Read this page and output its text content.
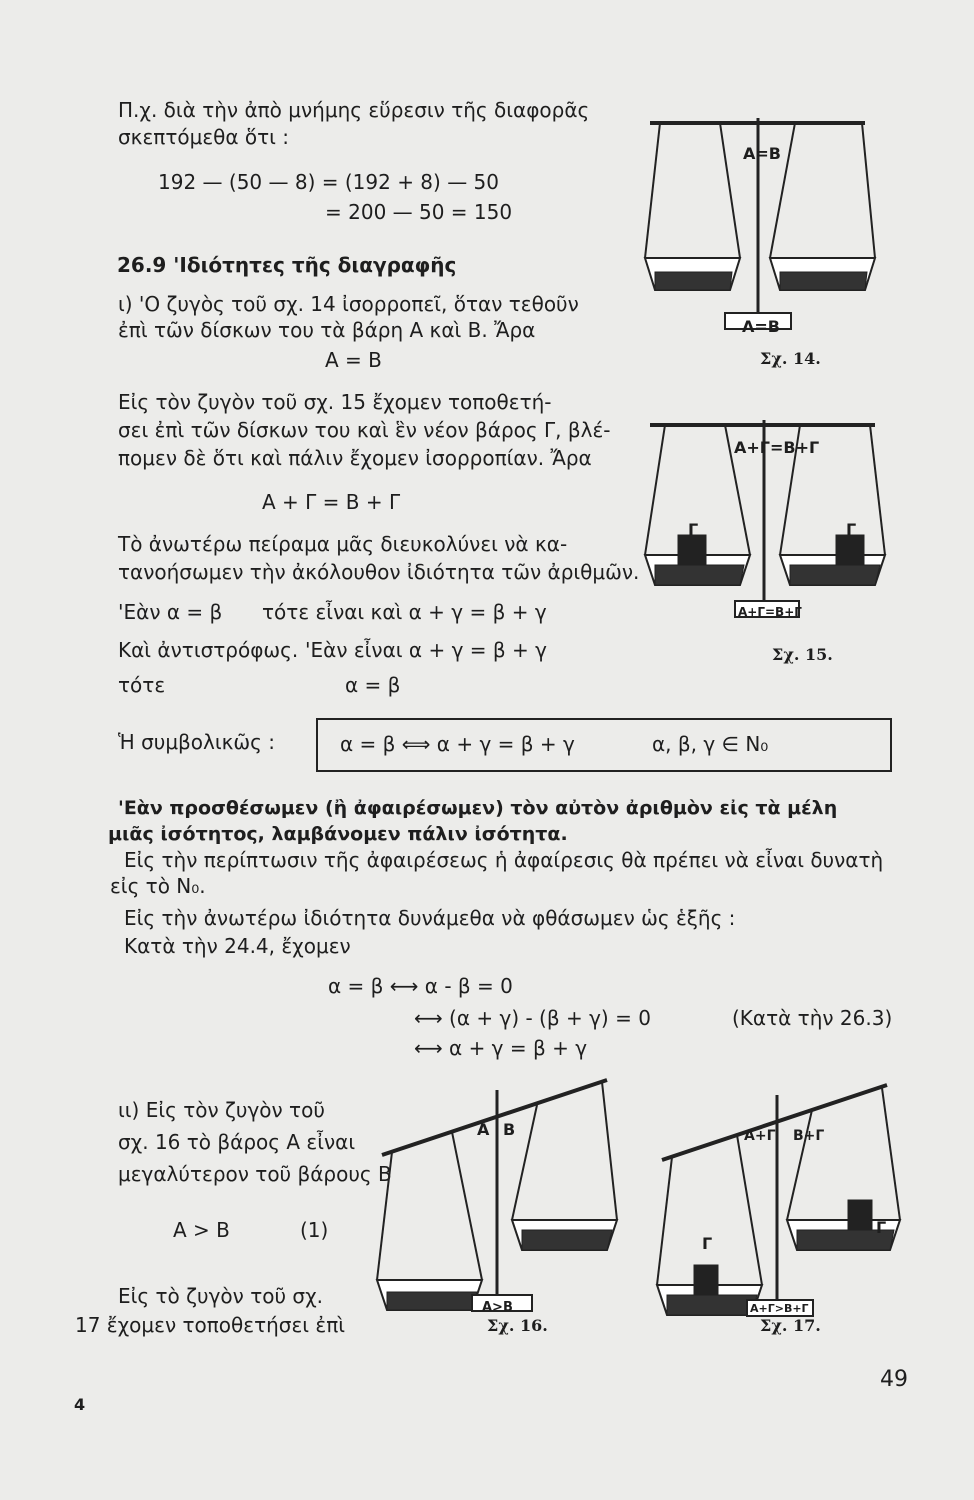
Π.χ. διὰ τὴν ἀπὸ μνήμης εὕρεσιν τῆς διαφορᾶς
σκεπτόμεθα ὅτι :
192 — (50 — 8) = (192 + 8) — 50
= 200 — 50 = 150
26.9 'Ιδιότητες τῆς διαγραφῆς
ι) 'Ο ζυγὸς τοῦ σχ. 14 ἰσορροπεῖ, ὅταν τεθοῦν
ἐπὶ τῶν δίσκων του τὰ βάρη Α καὶ Β. Ἄρα
Α = Β
Εἰς τὸν ζυγὸν τοῦ σχ. 15 ἔχομεν τοποθετή-
σει ἐπὶ τῶν δίσκων του καὶ ἓν νέον βάρος Γ, βλέ-
πομεν δὲ ὅτι καὶ πάλιν ἔχομεν ἰσορροπίαν. Ἄρα
Α + Γ = Β + Γ
Τὸ ἀνωτέρω πείραμα μᾶς διευκολύνει νὰ κα-
τανοήσωμεν τὴν ἀκόλουθον ἰδιότητα τῶν ἀριθμῶν.
'Εὰν α = β τότε εἶναι καὶ α + γ = β + γ
Καὶ ἀντιστρόφως. 'Εὰν εἶναι α + γ = β + γ
τότε	α = β
Ἡ συμβολικῶς :	α = β ⟺ α + γ = β + γ	α, β, γ ∈ N₀
'Εὰν προσθέσωμεν (ἢ ἀφαιρέσωμεν) τὸν αὐτὸν ἀριθμὸν εἰς τὰ μέλη
μιᾶς ἰσότητος, λαμβάνομεν πάλιν ἰσότητα.
Εἰς τὴν περίπτωσιν τῆς ἀφαιρέσεως ἡ ἀφαίρεσις θὰ πρέπει νὰ εἶναι δυνατὴ
εἰς τὸ N₀.
Εἰς τὴν ἀνωτέρω ἰδιότητα δυνάμεθα νὰ φθάσωμεν ὡς ἑξῆς :
Κατὰ τὴν 24.4, ἔχομεν
α = β ⟷ α - β = 0
⟷ (α + γ) - (β + γ) = 0	(Κατὰ τὴν 26.3)
⟷ α + γ = β + γ
ιι) Εἰς τὸν ζυγὸν τοῦ
σχ. 16 τὸ βάρος Α εἶναι
μεγαλύτερον τοῦ βάρους Β
Α > Β	(1)
Εἰς τὸ ζυγὸν τοῦ σχ.
17 ἔχομεν τοποθετήσει ἐπὶ
Α=Β
Α=Β
Σχ. 14.
Α+Γ=Β+Γ
Γ	Γ
Α+Γ=Β+Γ
Σχ. 15.
Α Β
Α>Β
Σχ. 16.
Α+Γ Β+Γ
Γ
Γ
Α+Γ>Β+Γ
Σχ. 17.
4
49
